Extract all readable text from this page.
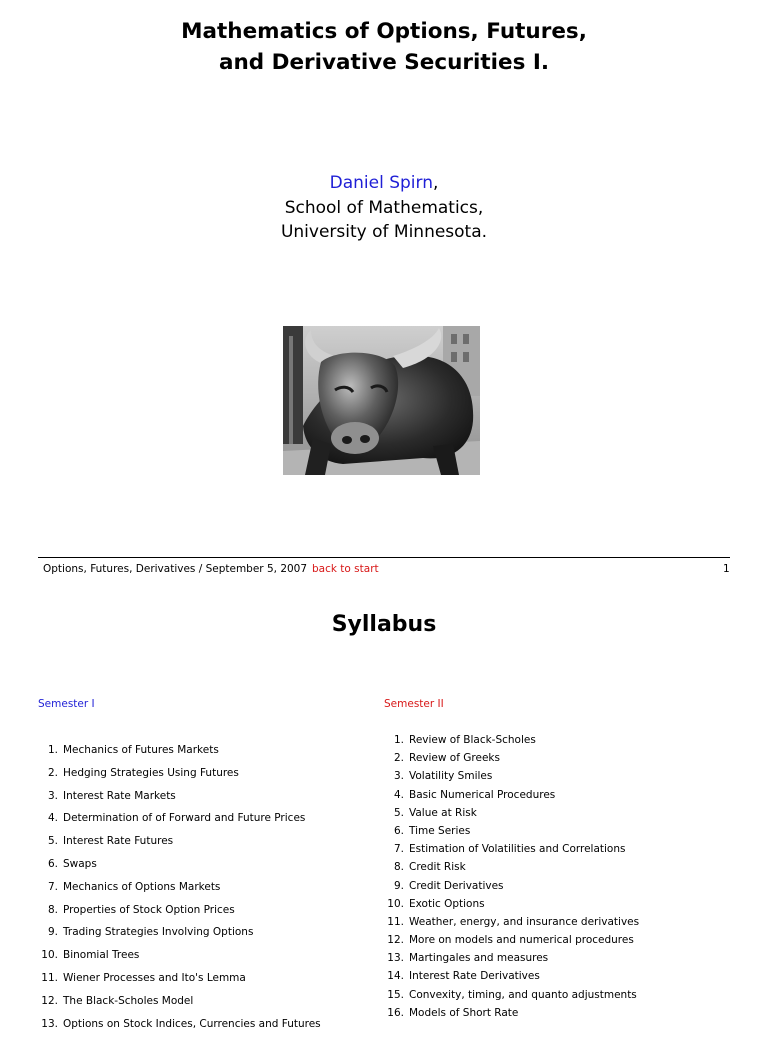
Mathematics of Options, Futures,
and Derivative Securities I.
Daniel Spirn,
School of Mathematics,
University of Minnesota.
Options, Futures, Derivatives / September 5, 2007 back to start	1
Syllabus
Semester I	Semester II
1. Mechanics of Futures Markets
2. Hedging Strategies Using Futures
3. Interest Rate Markets
4. Determination of of Forward and Future Prices
5. Interest Rate Futures
6. Swaps
7. Mechanics of Options Markets
8. Properties of Stock Option Prices
9. Trading Strategies Involving Options
10. Binomial Trees
11. Wiener Processes and Ito's Lemma
12. The Black-Scholes Model
13. Options on Stock Indices, Currencies and Futures
1. Review of Black-Scholes
2. Review of Greeks
3. Volatility Smiles
4. Basic Numerical Procedures
5. Value at Risk
6. Time Series
7. Estimation of Volatilities and Correlations
8. Credit Risk
9. Credit Derivatives
10. Exotic Options
11. Weather, energy, and insurance derivatives
12. More on models and numerical procedures
13. Martingales and measures
14. Interest Rate Derivatives
15. Convexity, timing, and quanto adjustments
16. Models of Short Rate
